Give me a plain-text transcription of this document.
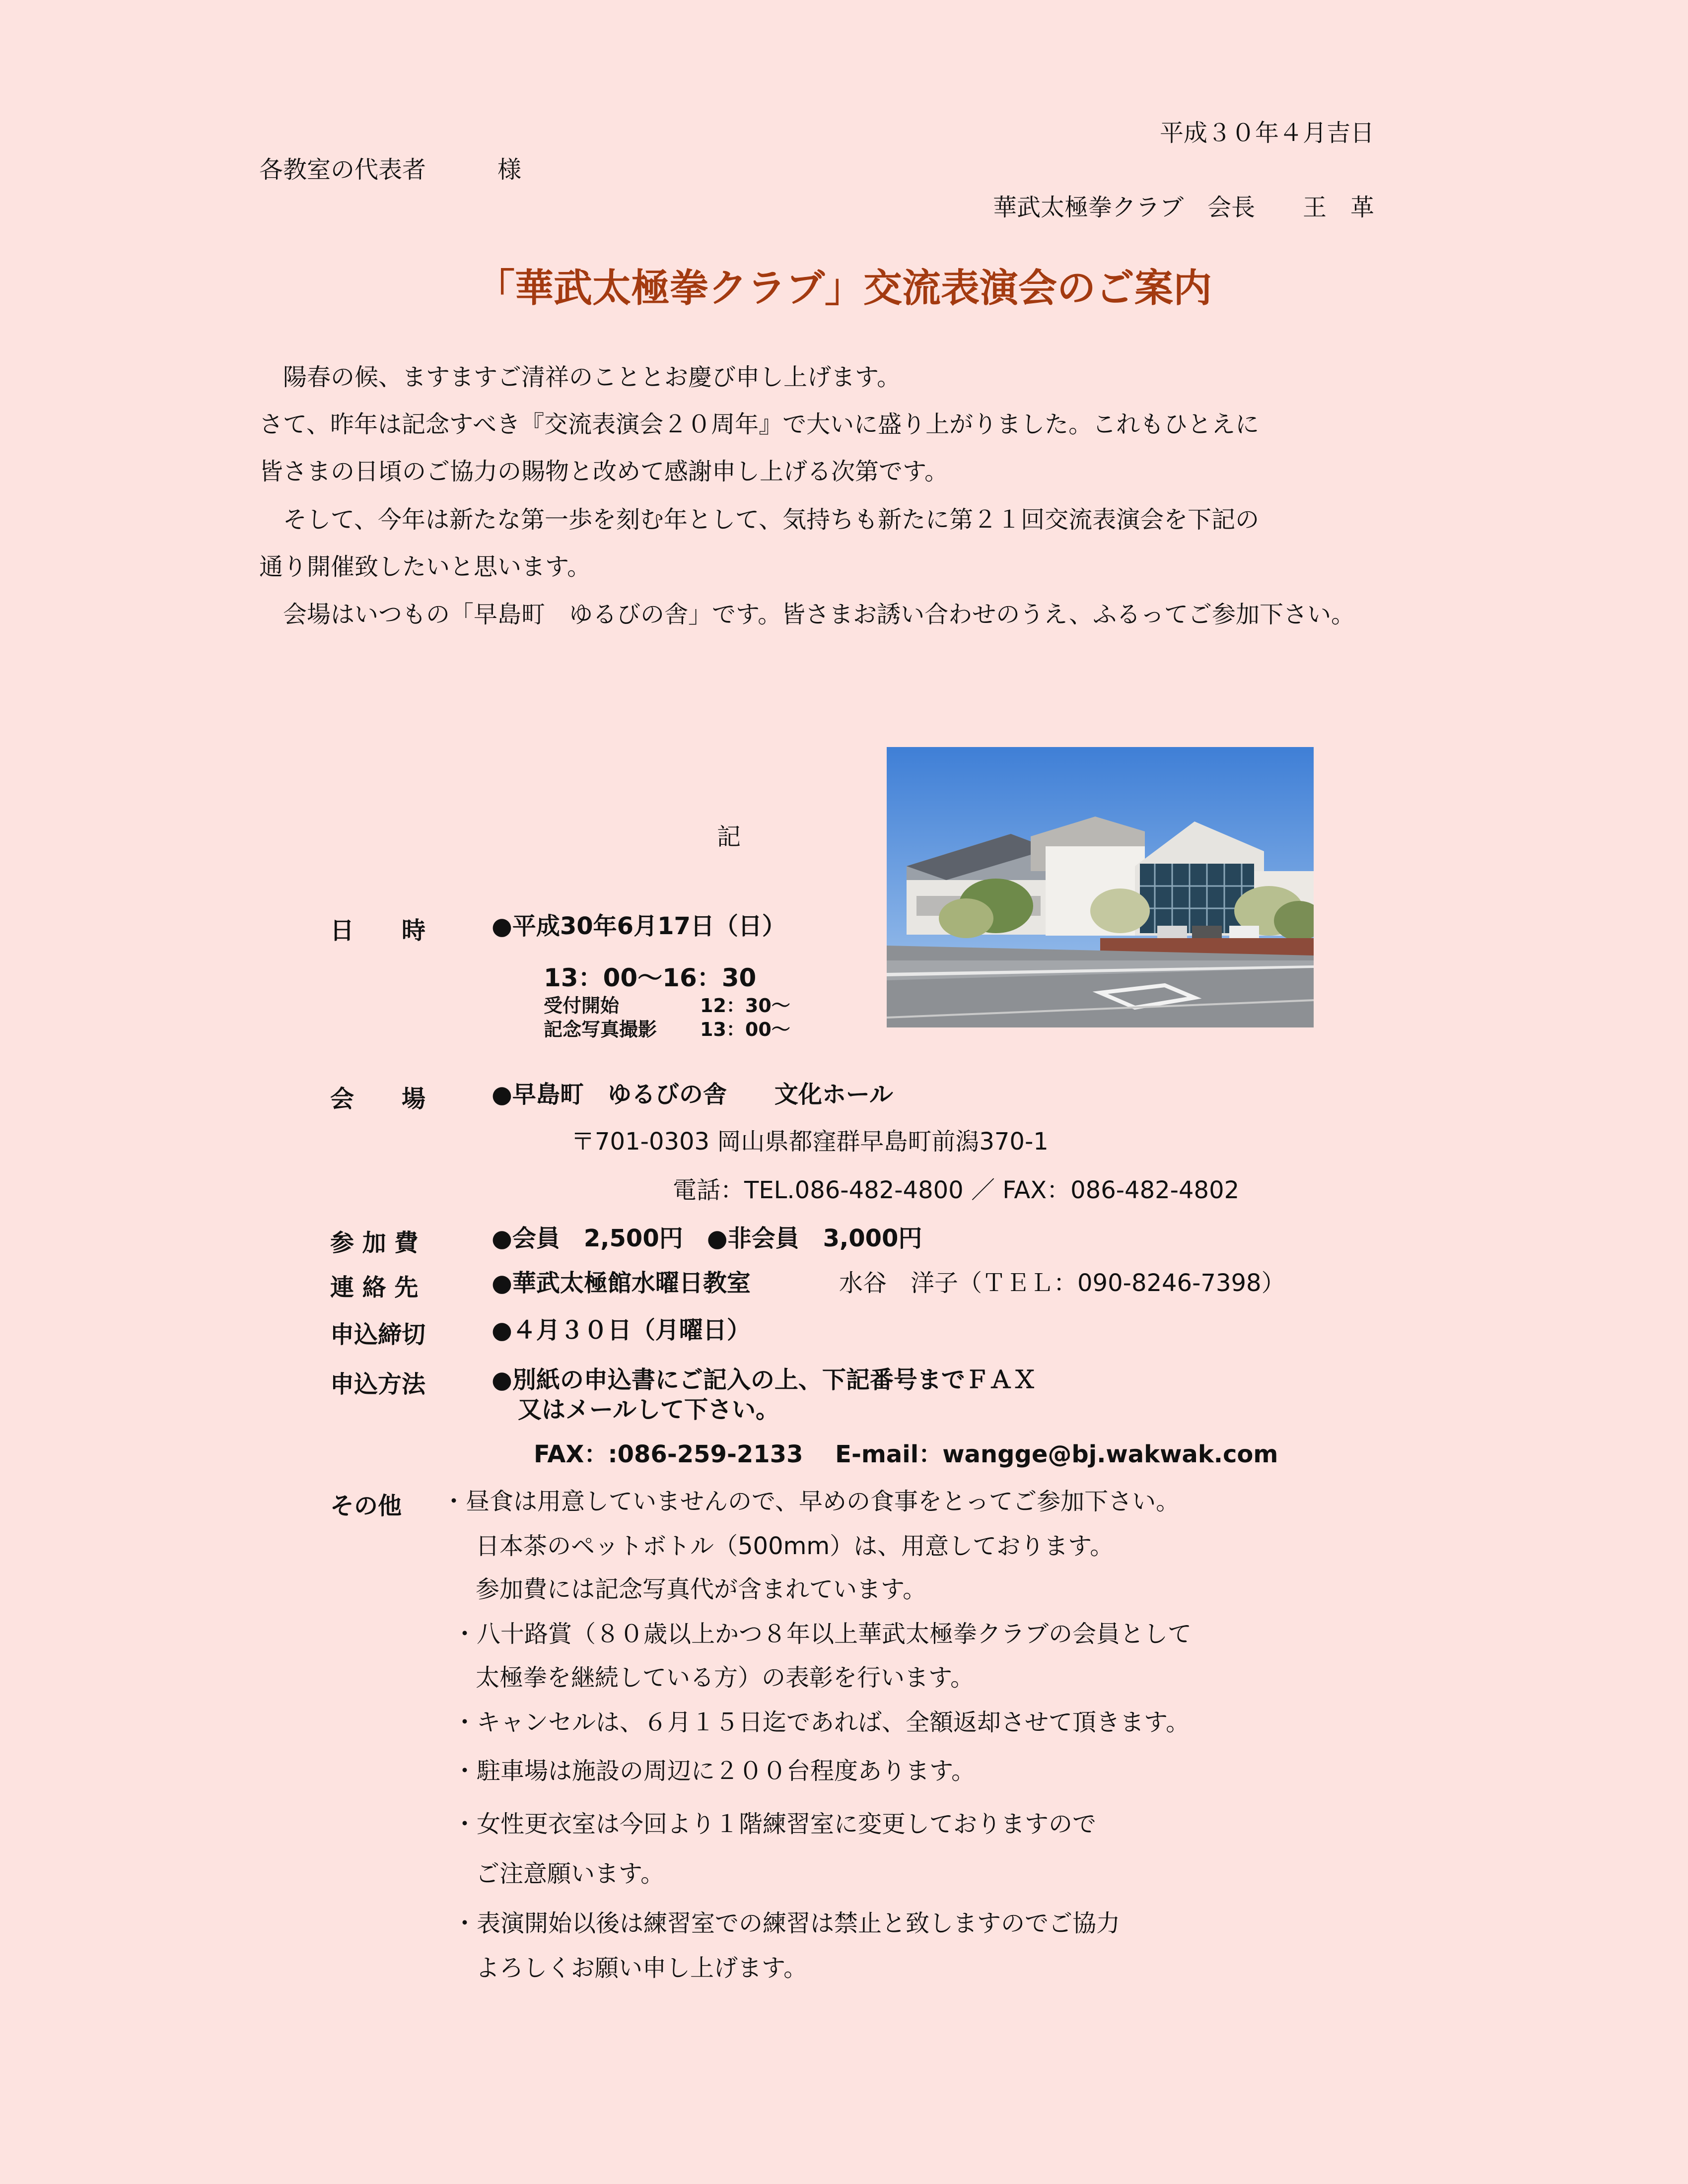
平成３０年４月吉日
各教室の代表者　　　様
華武太極拳クラブ　会長　　王　革
「華武太極拳クラブ」交流表演会のご案内
　陽春の候、ますますご清祥のこととお慶び申し上げます。
さて、昨年は記念すべき『交流表演会２０周年』で大いに盛り上がりました。これもひとえに
皆さまの日頃のご協力の賜物と改めて感謝申し上げる次第です。
　そして、今年は新たな第一歩を刻む年として、気持ちも新たに第２１回交流表演会を下記の
通り開催致したいと思います。
　会場はいつもの「早島町　ゆるびの舎」です。皆さまお誘い合わせのうえ、ふるってご参加下さい。
記
日　　時	●平成30年6月17日（日）
13：00～16：30
受付開始	12：30～
記念写真撮影 13：00～
会　　場	●早島町　ゆるびの舎　　文化ホール
〒701-0303 岡山県都窪群早島町前潟370-1
電話：TEL.086-482-4800 ／ FAX：086-482-4802
参 加 費	●会員　2,500円　●非会員　3,000円
連 絡 先	●華武太極館水曜日教室	水谷　洋子（ＴＥＬ：090-8246-7398）
申込締切	●４月３０日（月曜日）
申込方法	●別紙の申込書にご記入の上、下記番号までＦＡＸ
又はメールして下さい。
FAX：:086-259-2133　 E-mail：wangge@bj.wakwak.com
その他 ・昼食は用意していませんので、早めの食事をとってご参加下さい。
日本茶のペットボトル（500mm）は、用意しております。
参加費には記念写真代が含まれています。
・八十路賞（８０歳以上かつ８年以上華武太極拳クラブの会員として
太極拳を継続している方）の表彰を行います。
・キャンセルは、６月１５日迄であれば、全額返却させて頂きます。
・駐車場は施設の周辺に２００台程度あります。
・女性更衣室は今回より１階練習室に変更しておりますので
ご注意願います。
・表演開始以後は練習室での練習は禁止と致しますのでご協力
よろしくお願い申し上げます。
